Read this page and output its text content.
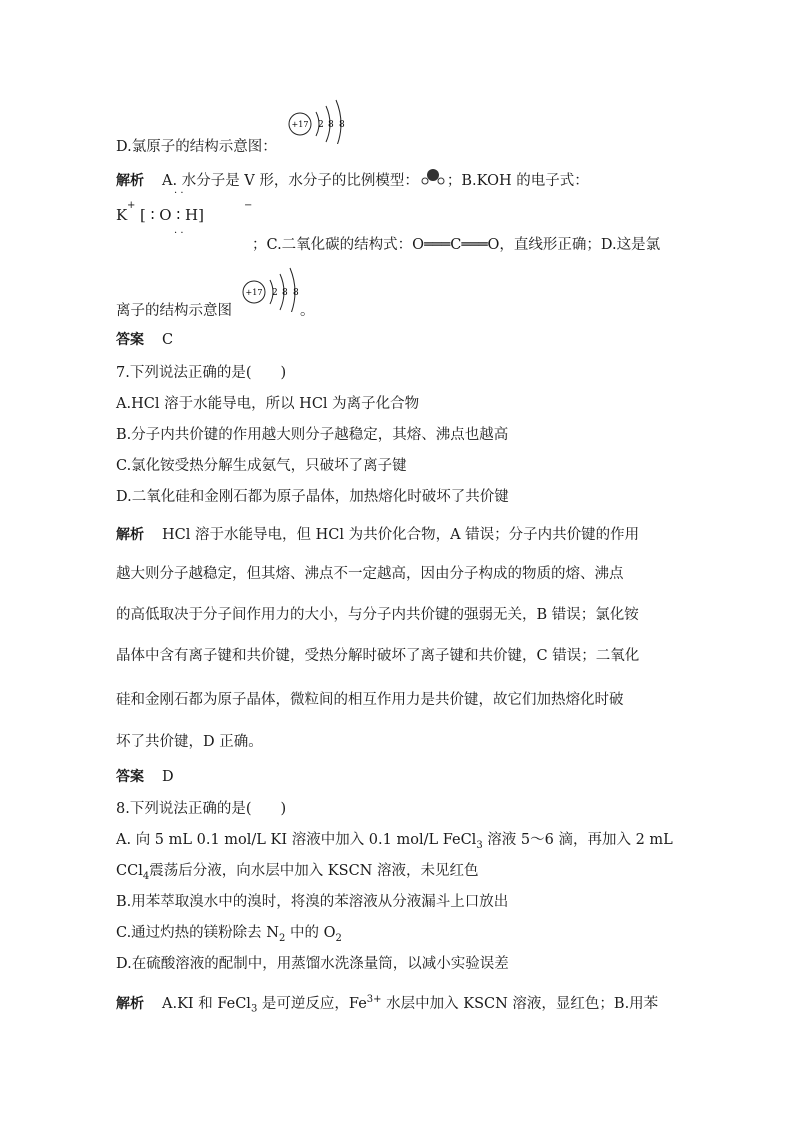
D.氯原子的结构示意图：
+17 2 8 8
解析 A. 水分子是 V 形，水分子的比例模型： ；B.KOH 的电子式：
· ·
K
+
[ ∶ O ∶ H]
−
· ·
；C.二氧化碳的结构式：O═══C═══O，直线形正确；D.这是氯
离子的结构示意图
+17 2 8 8
。
答案 C
7.下列说法正确的是(　　)
A.HCl 溶于水能导电，所以 HCl 为离子化合物
B.分子内共价键的作用越大则分子越稳定，其熔、沸点也越高
C.氯化铵受热分解生成氨气，只破坏了离子键
D.二氧化硅和金刚石都为原子晶体，加热熔化时破坏了共价键
解析 HCl 溶于水能导电，但 HCl 为共价化合物，A 错误；分子内共价键的作用
越大则分子越稳定，但其熔、沸点不一定越高，因由分子构成的物质的熔、沸点
的高低取决于分子间作用力的大小，与分子内共价键的强弱无关，B 错误；氯化铵
晶体中含有离子键和共价键，受热分解时破坏了离子键和共价键，C 错误；二氧化
硅和金刚石都为原子晶体，微粒间的相互作用力是共价键，故它们加热熔化时破
坏了共价键，D 正确。
答案 D
8.下列说法正确的是(　　)
A. 向 5 mL 0.1 mol/L KI 溶液中加入 0.1 mol/L FeCl$_3$ 溶液 5～6 滴，再加入 2 mL
CCl$_4$震荡后分液，向水层中加入 KSCN 溶液，未见红色
B.用苯萃取溴水中的溴时，将溴的苯溶液从分液漏斗上口放出
C.通过灼热的镁粉除去 $N_2$ 中的 $O_2$
D.在硫酸溶液的配制中，用蒸馏水洗涤量筒，以减小实验误差
解析 A.KI 和 FeCl$_3$ 是可逆反应，$Fe^{3+}$ 水层中加入 KSCN 溶液，显红色；B.用苯
